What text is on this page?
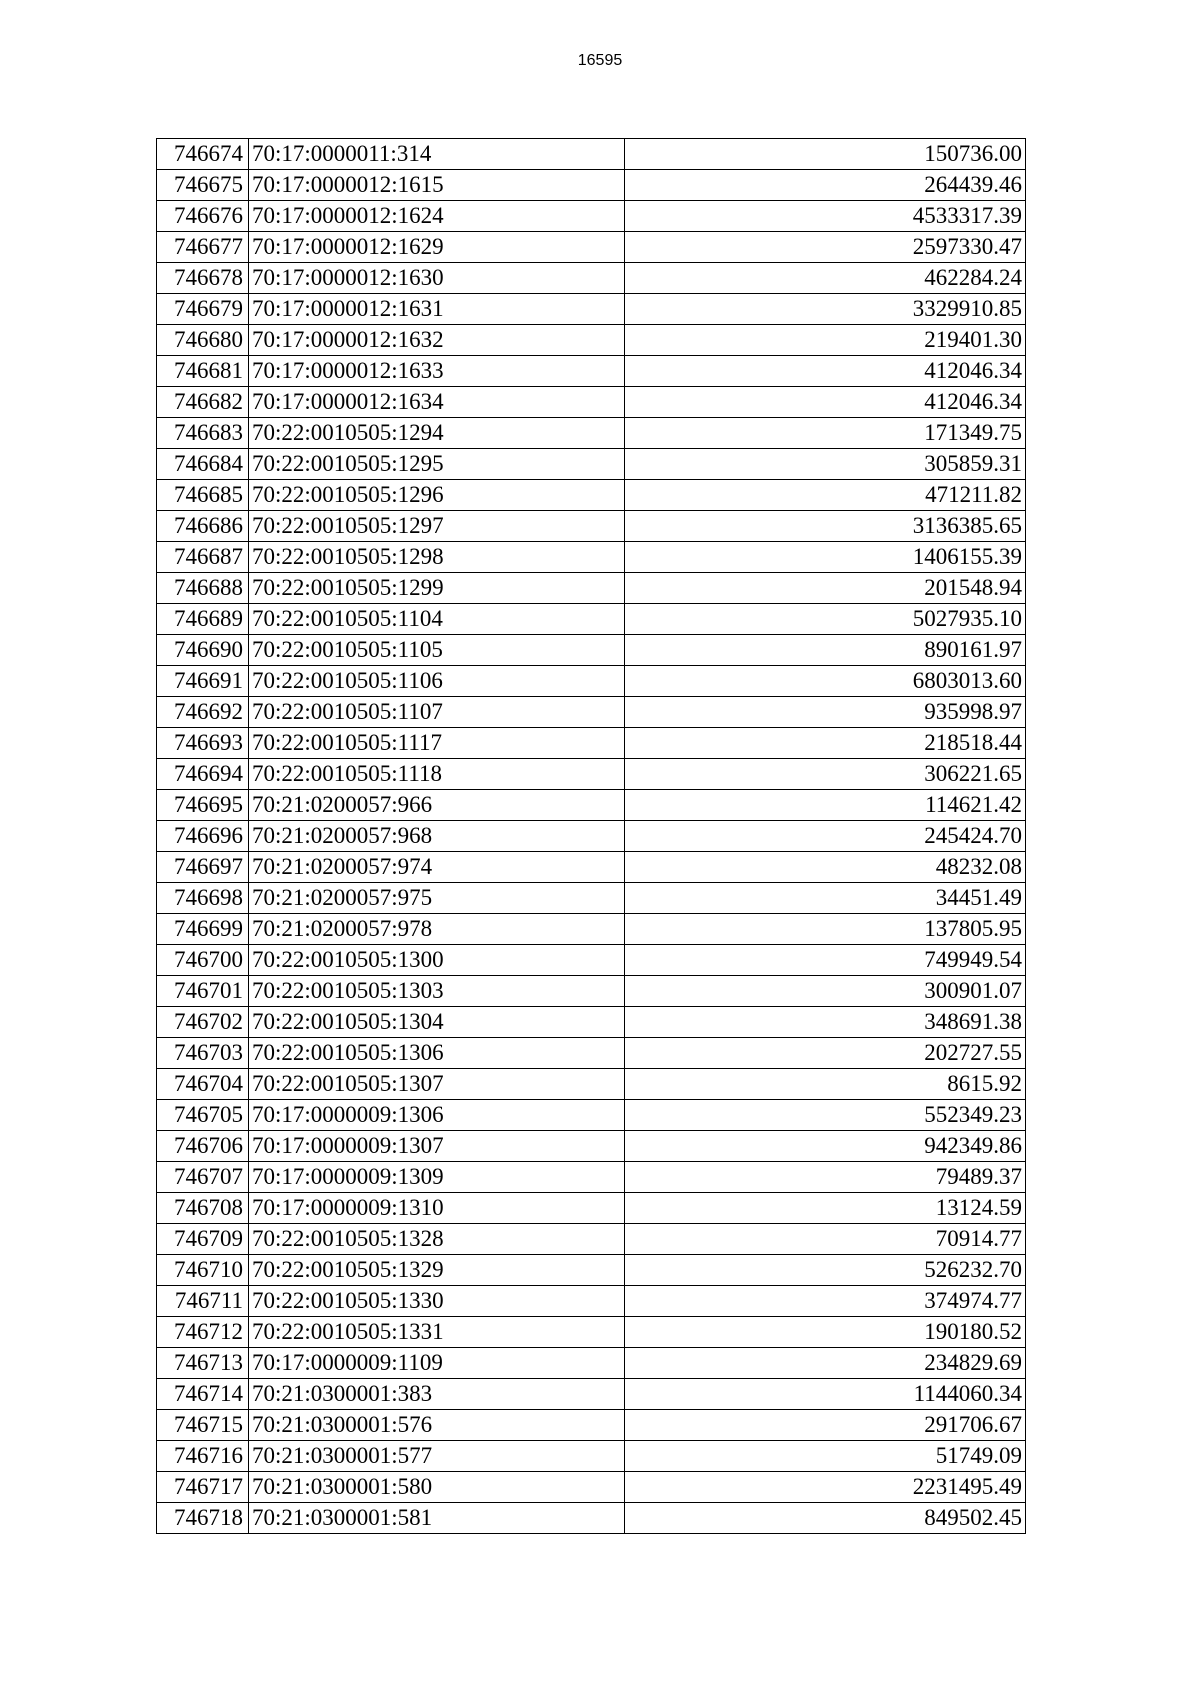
16595
746674	70:17:0000011:314	150736.00
746675	70:17:0000012:1615	264439.46
746676	70:17:0000012:1624	4533317.39
746677	70:17:0000012:1629	2597330.47
746678	70:17:0000012:1630	462284.24
746679	70:17:0000012:1631	3329910.85
746680	70:17:0000012:1632	219401.30
746681	70:17:0000012:1633	412046.34
746682	70:17:0000012:1634	412046.34
746683	70:22:0010505:1294	171349.75
746684	70:22:0010505:1295	305859.31
746685	70:22:0010505:1296	471211.82
746686	70:22:0010505:1297	3136385.65
746687	70:22:0010505:1298	1406155.39
746688	70:22:0010505:1299	201548.94
746689	70:22:0010505:1104	5027935.10
746690	70:22:0010505:1105	890161.97
746691	70:22:0010505:1106	6803013.60
746692	70:22:0010505:1107	935998.97
746693	70:22:0010505:1117	218518.44
746694	70:22:0010505:1118	306221.65
746695	70:21:0200057:966	114621.42
746696	70:21:0200057:968	245424.70
746697	70:21:0200057:974	48232.08
746698	70:21:0200057:975	34451.49
746699	70:21:0200057:978	137805.95
746700	70:22:0010505:1300	749949.54
746701	70:22:0010505:1303	300901.07
746702	70:22:0010505:1304	348691.38
746703	70:22:0010505:1306	202727.55
746704	70:22:0010505:1307	8615.92
746705	70:17:0000009:1306	552349.23
746706	70:17:0000009:1307	942349.86
746707	70:17:0000009:1309	79489.37
746708	70:17:0000009:1310	13124.59
746709	70:22:0010505:1328	70914.77
746710	70:22:0010505:1329	526232.70
746711	70:22:0010505:1330	374974.77
746712	70:22:0010505:1331	190180.52
746713	70:17:0000009:1109	234829.69
746714	70:21:0300001:383	1144060.34
746715	70:21:0300001:576	291706.67
746716	70:21:0300001:577	51749.09
746717	70:21:0300001:580	2231495.49
746718	70:21:0300001:581	849502.45
